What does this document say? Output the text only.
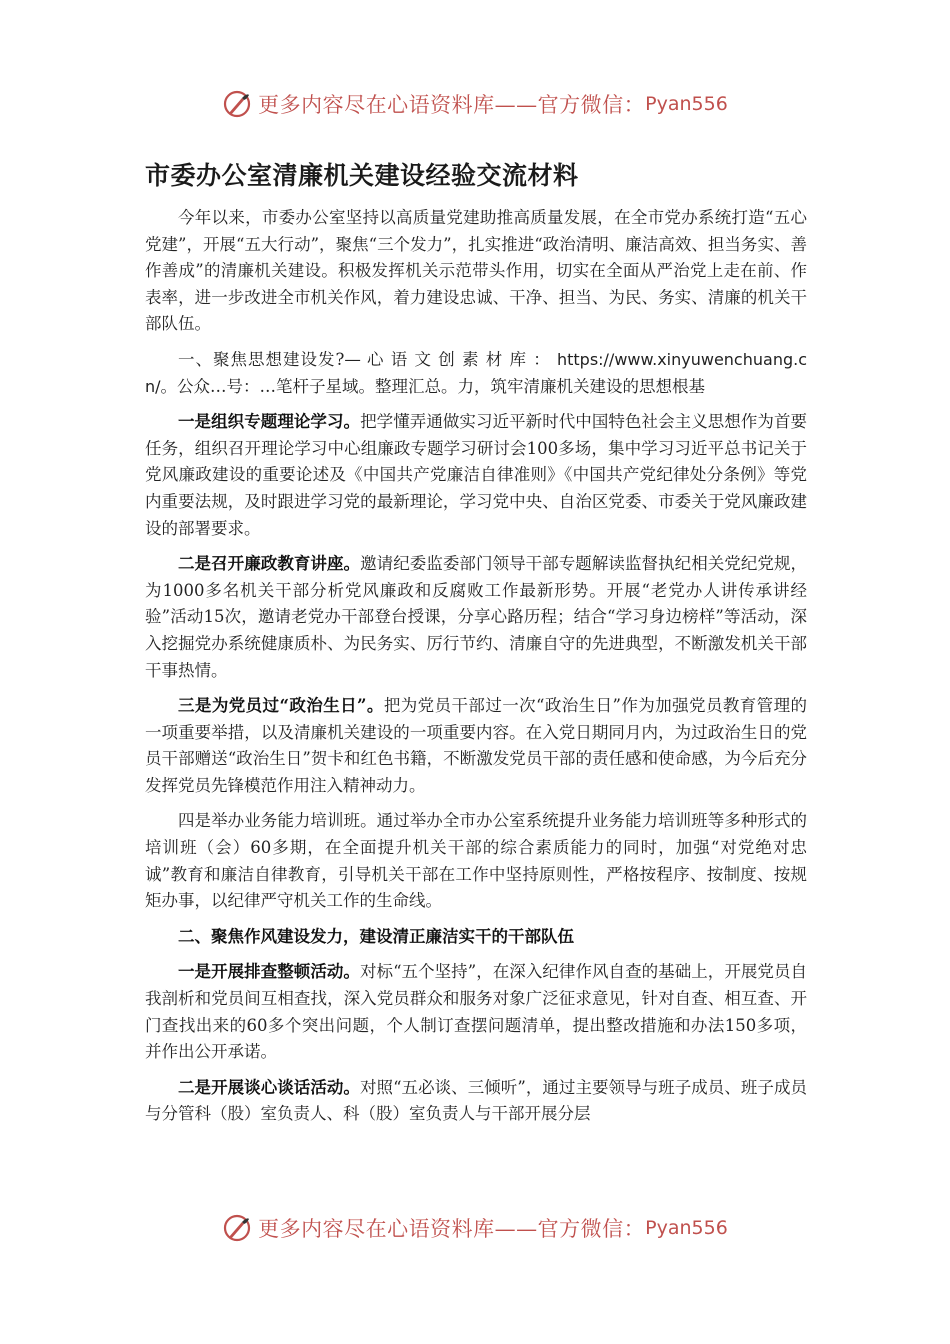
更多内容尽在心语资料库——官方微信： Pyan556
市委办公室清廉机关建设经验交流材料

今年以来，市委办公室坚持以高质量党建助推高质量发展，在全市党办系统打造“五心党建”，开展“五大行动”，聚焦“三个发力”，扎实推进“政治清明、廉洁高效、担当务实、善作善成”的清廉机关建设。积极发挥机关示范带头作用，切实在全面从严治党上走在前、作表率，进一步改进全市机关作风，着力建设忠诚、干净、担当、为民、务实、清廉的机关干部队伍。

一、聚焦思想建设发?— 心 语 文 创 素 材 库 ： https://www.xinyuwenchuang.cn/。公众…号：…笔杆子星域。整理汇总。力，筑牢清廉机关建设的思想根基

一是组织专题理论学习。把学懂弄通做实习近平新时代中国特色社会主义思想作为首要任务，组织召开理论学习中心组廉政专题学习研讨会100多场，集中学习习近平总书记关于党风廉政建设的重要论述及《中国共产党廉洁自律准则》《中国共产党纪律处分条例》等党内重要法规，及时跟进学习党的最新理论，学习党中央、自治区党委、市委关于党风廉政建设的部署要求。

二是召开廉政教育讲座。邀请纪委监委部门领导干部专题解读监督执纪相关党纪党规，为1000多名机关干部分析党风廉政和反腐败工作最新形势。开展“老党办人讲传承讲经验”活动15次，邀请老党办干部登台授课，分享心路历程；结合“学习身边榜样”等活动，深入挖掘党办系统健康质朴、为民务实、厉行节约、清廉自守的先进典型，不断激发机关干部干事热情。

三是为党员过“政治生日”。把为党员干部过一次“政治生日”作为加强党员教育管理的一项重要举措，以及清廉机关建设的一项重要内容。在入党日期同月内，为过政治生日的党员干部赠送“政治生日”贺卡和红色书籍，不断激发党员干部的责任感和使命感，为今后充分发挥党员先锋模范作用注入精神动力。

四是举办业务能力培训班。通过举办全市办公室系统提升业务能力培训班等多种形式的培训班（会）60多期，在全面提升机关干部的综合素质能力的同时，加强“对党绝对忠诚”教育和廉洁自律教育，引导机关干部在工作中坚持原则性，严格按程序、按制度、按规矩办事，以纪律严守机关工作的生命线。

二、聚焦作风建设发力，建设清正廉洁实干的干部队伍

一是开展排查整顿活动。对标“五个坚持”，在深入纪律作风自查的基础上，开展党员自我剖析和党员间互相查找，深入党员群众和服务对象广泛征求意见，针对自查、相互查、开门查找出来的60多个突出问题，个人制订查摆问题清单，提出整改措施和办法150多项，并作出公开承诺。

二是开展谈心谈话活动。对照“五必谈、三倾听”，通过主要领导与班子成员、班子成员与分管科（股）室负责人、科（股）室负责人与干部开展分层

更多内容尽在心语资料库——官方微信： Pyan556
